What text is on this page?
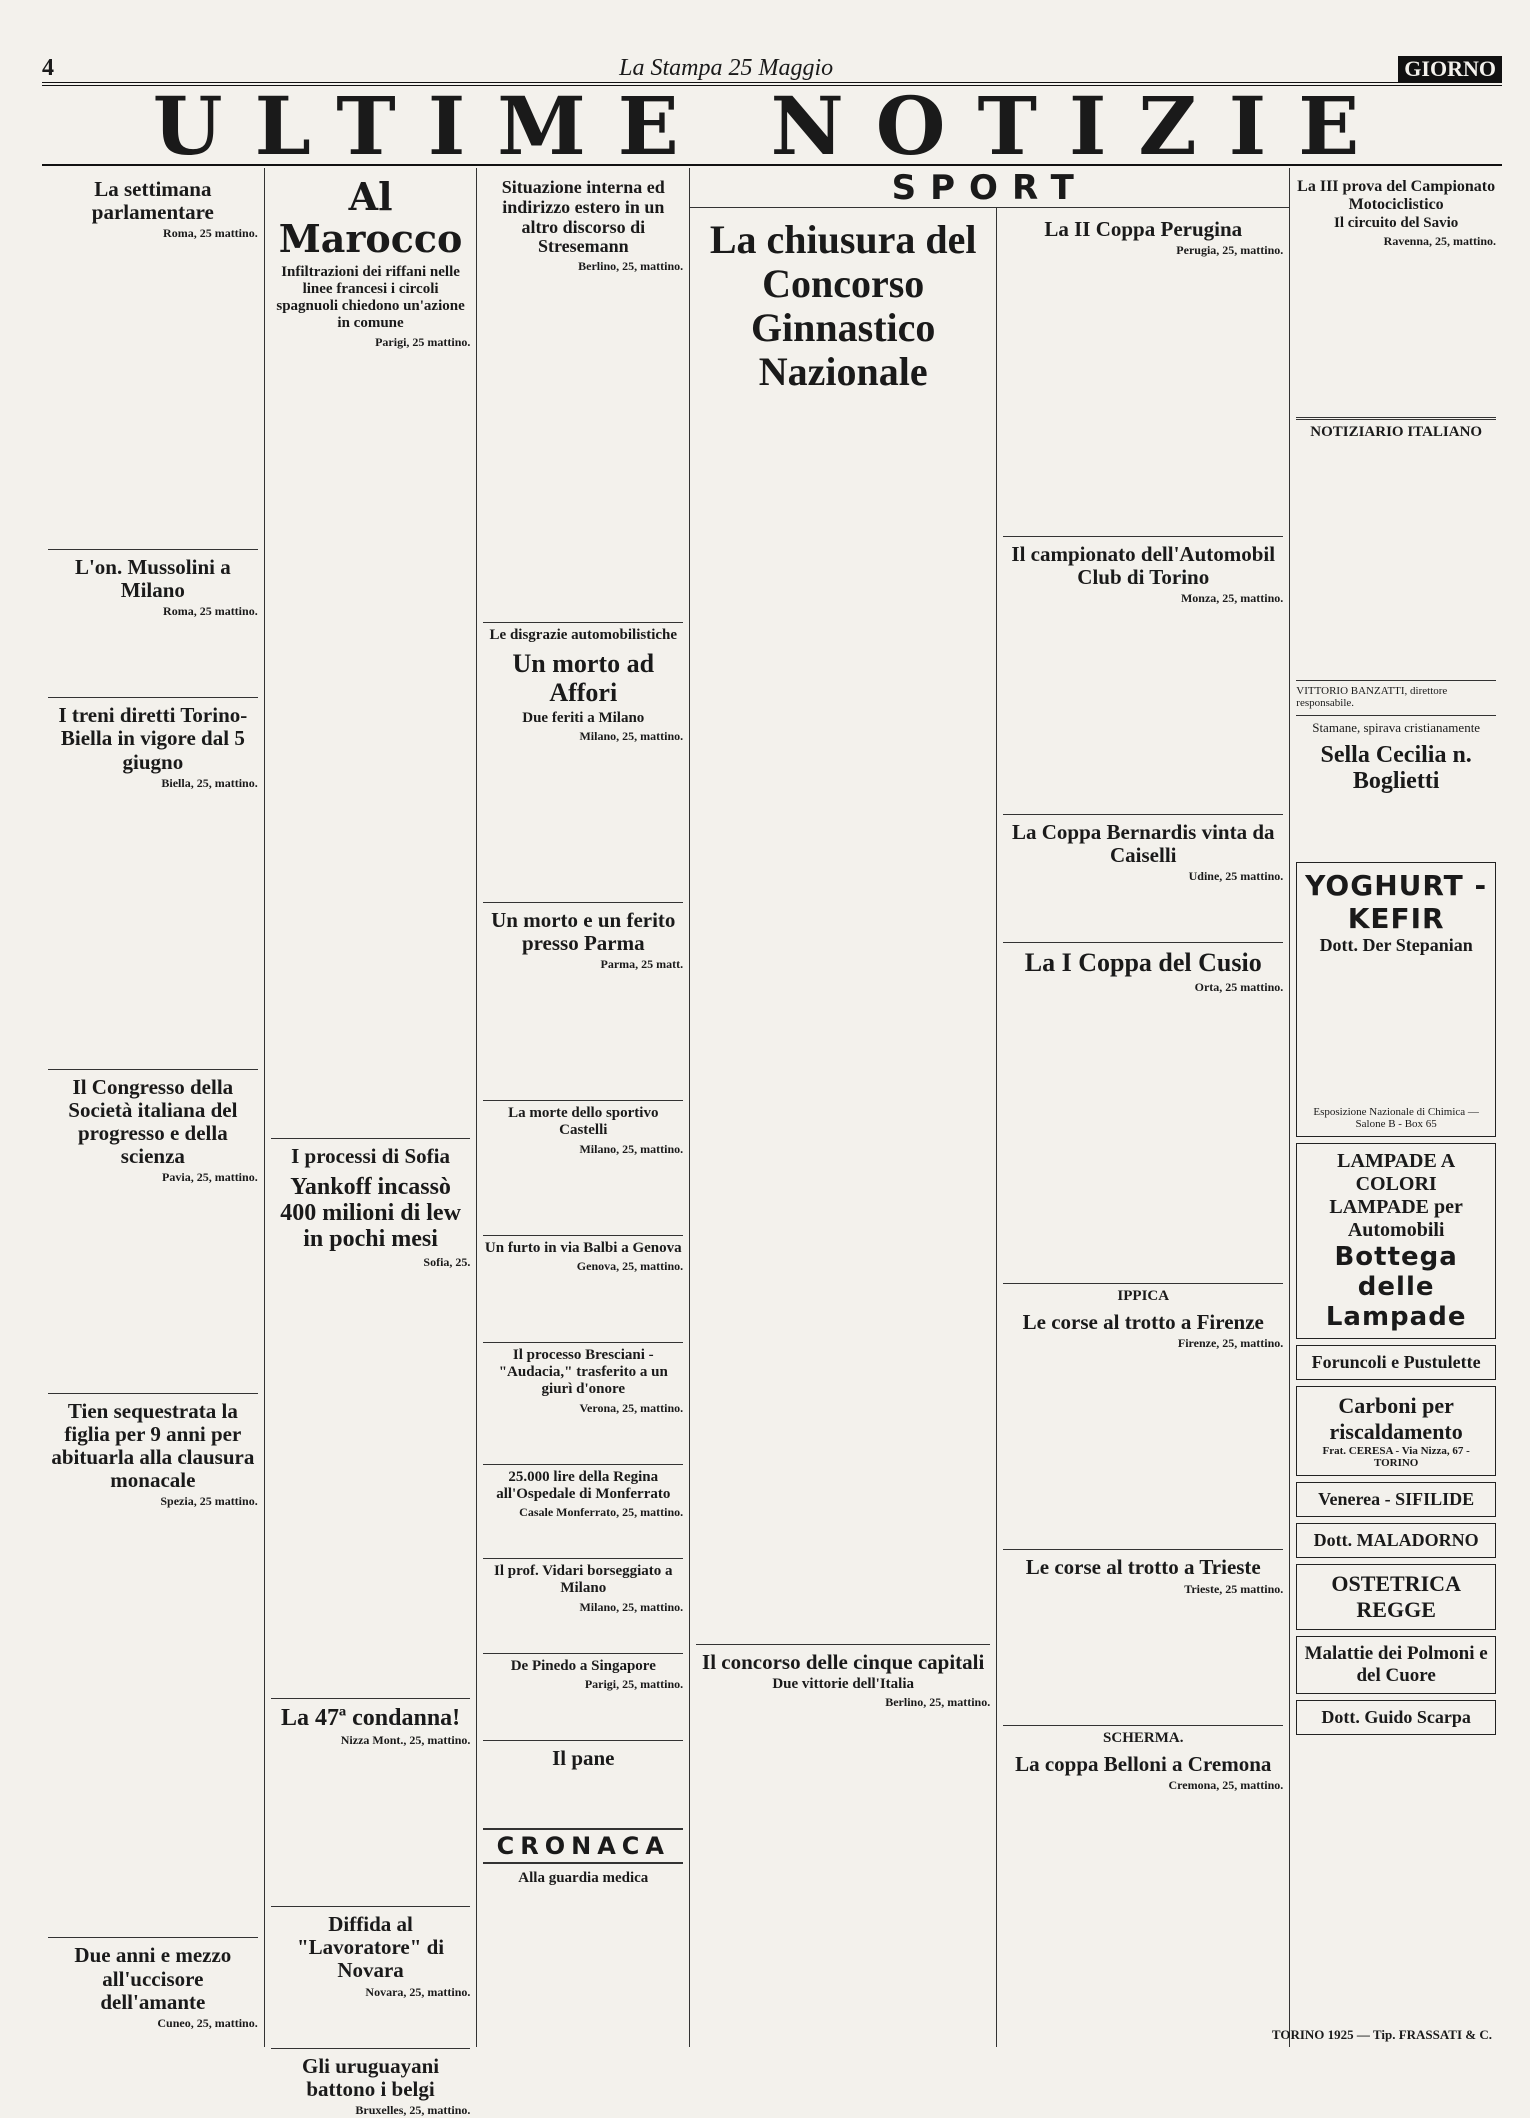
4	La Stampa 25 Maggio	GIORNO
ULTIME NOTIZIE
La settimana parlamentare
Roma, 25 mattino.
L'on. Mussolini a Milano
Roma, 25 mattino.
I treni diretti Torino-Biella in vigore dal 5 giugno
Biella, 25, mattino.
Il Congresso della Società italiana del progresso e della scienza
Pavia, 25, mattino.
Tien sequestrata la figlia per 9 anni per abituarla alla clausura monacale
Spezia, 25 mattino.
Due anni e mezzo all'uccisore dell'amante
Cuneo, 25, mattino.
Al Marocco
Infiltrazioni dei riffani nelle linee francesi i circoli spagnuoli chiedono un'azione in comune
Parigi, 25 mattino.
I processi di Sofia
Yankoff incassò 400 milioni di lew in pochi mesi
Sofia, 25.
La 47ª condanna!
Nizza Mont., 25, mattino.
Diffida al "Lavoratore" di Novara
Novara, 25, mattino.
Gli uruguayani battono i belgi
Bruxelles, 25, mattino.
Situazione interna ed indirizzo estero in un altro discorso di Stresemann
Berlino, 25, mattino.
Le disgrazie automobilistiche
Un morto ad Affori
Due feriti a Milano
Milano, 25, mattino.
Un morto e un ferito presso Parma
Parma, 25 matt.
La morte dello sportivo Castelli
Milano, 25, mattino.
Un furto in via Balbi a Genova
Genova, 25, mattino.
Il processo Bresciani - "Audacia," trasferito a un giurì d'onore
Verona, 25, mattino.
25.000 lire della Regina all'Ospedale di Monferrato
Casale Monferrato, 25, mattino.
Il prof. Vidari borseggiato a Milano
Milano, 25, mattino.
De Pinedo a Singapore
Parigi, 25, mattino.
Il pane
CRONACA
Alla guardia medica
SPORT
La chiusura del Concorso Ginnastico Nazionale
Il concorso delle cinque capitali
Due vittorie dell'Italia
Berlino, 25, mattino.
La II Coppa Perugina
Perugia, 25, mattino.
Il campionato dell'Automobil Club di Torino
Monza, 25, mattino.
La Coppa Bernardis vinta da Caiselli
Udine, 25 mattino.
La I Coppa del Cusio
Orta, 25 mattino.
IPPICA
Le corse al trotto a Firenze
Firenze, 25, mattino.
Le corse al trotto a Trieste
Trieste, 25 mattino.
SCHERMA.
La coppa Belloni a Cremona
Cremona, 25, mattino.
La III prova del Campionato Motociclistico
Il circuito del Savio
Ravenna, 25, mattino.
NOTIZIARIO ITALIANO
VITTORIO BANZATTI, direttore responsabile.
Stamane, spirava cristianamente
Sella Cecilia n. Boglietti
YOGHURT - KEFIR
Dott. Der Stepanian
Esposizione Nazionale di Chimica — Salone B - Box 65
LAMPADE A COLORI LAMPADE per Automobili
Bottega delle Lampade
Foruncoli e Pustulette
Carboni per riscaldamento
Frat. CERESA - Via Nizza, 67 - TORINO
Venerea - SIFILIDE
Dott. MALADORNO
OSTETRICA REGGE
Malattie dei Polmoni e del Cuore
Dott. Guido Scarpa
TORINO 1925 — Tip. FRASSATI & C.
